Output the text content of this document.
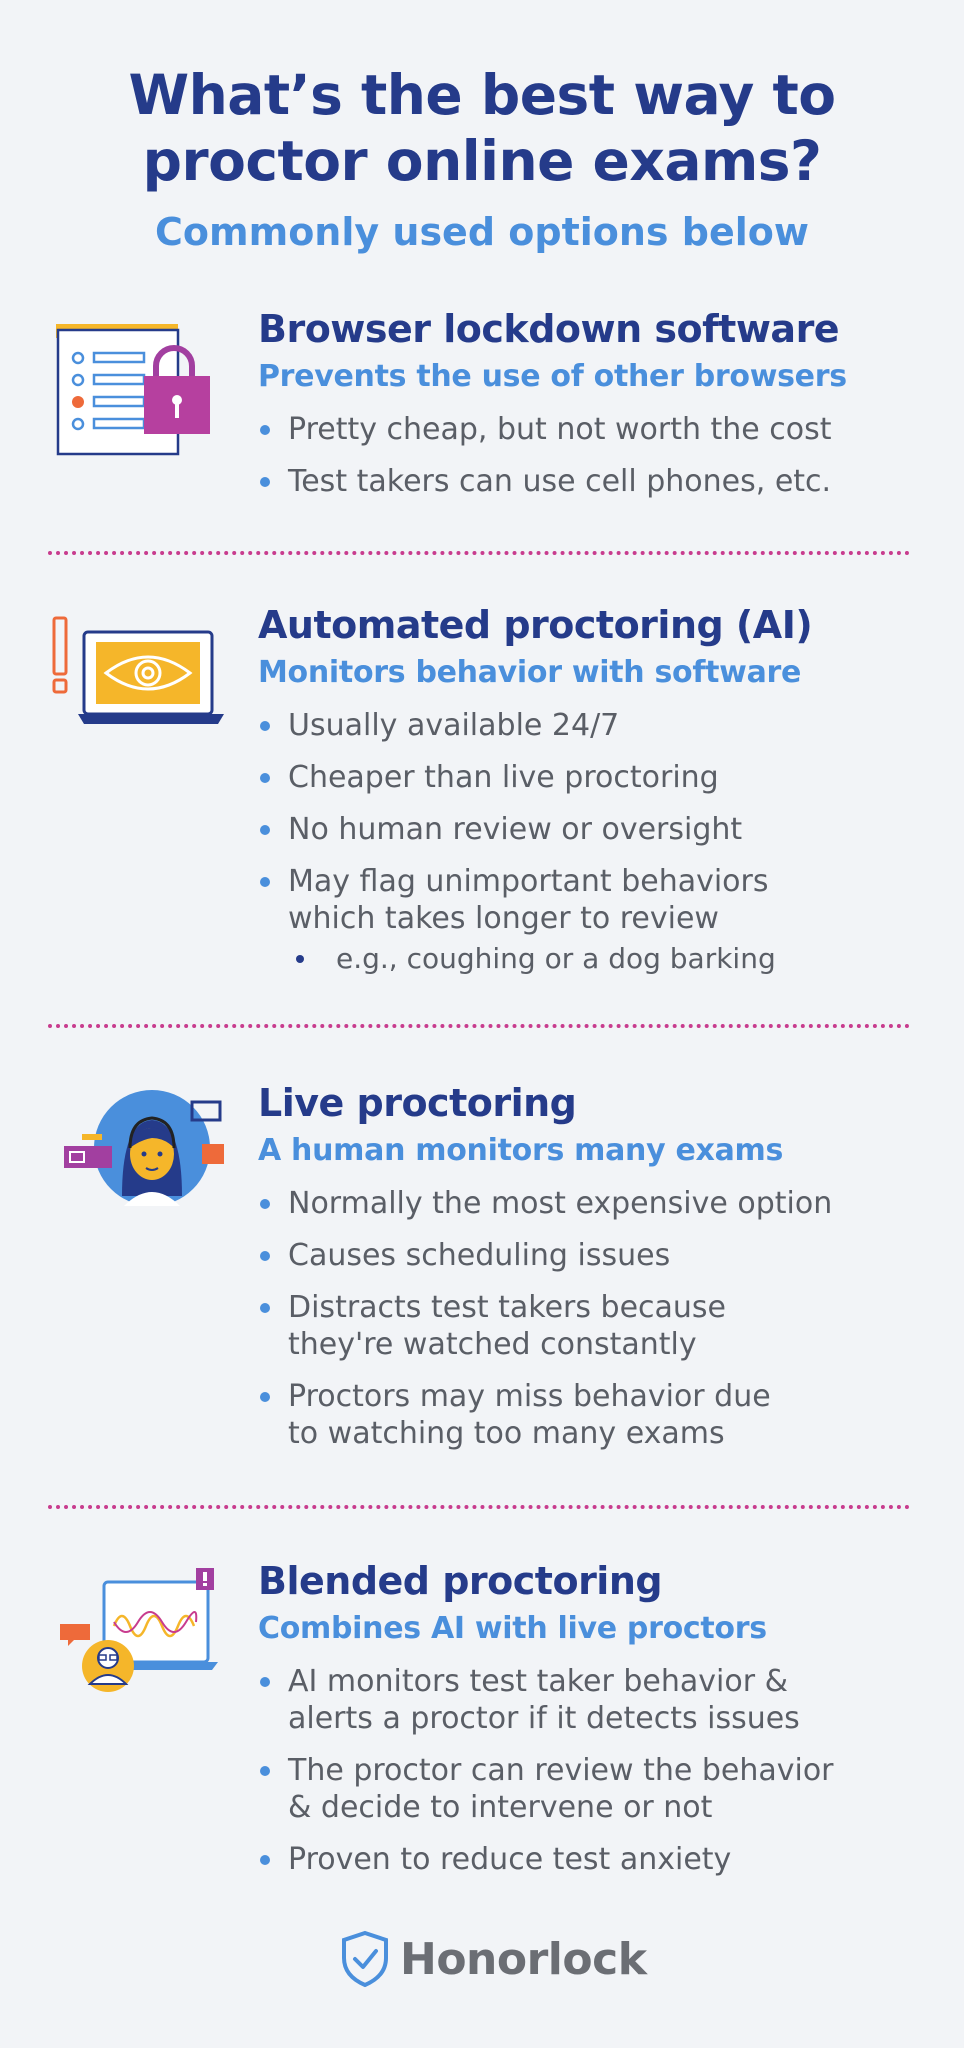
What’s the best way to
proctor online exams?
Commonly used options below
Browser lockdown software
Prevents the use of other browsers
Pretty cheap, but not worth the cost
Test takers can use cell phones, etc.
Automated proctoring (AI)
Monitors behavior with software
Usually available 24/7
Cheaper than live proctoring
No human review or oversight
May flag unimportant behaviors
which takes longer to review
e.g., coughing or a dog barking
Live proctoring
A human monitors many exams
Normally the most expensive option
Causes scheduling issues
Distracts test takers because
they're watched constantly
Proctors may miss behavior due
to watching too many exams
Blended proctoring
Combines AI with live proctors
AI monitors test taker behavior &
alerts a proctor if it detects issues
The proctor can review the behavior
& decide to intervene or not
Proven to reduce test anxiety
Honorlock
